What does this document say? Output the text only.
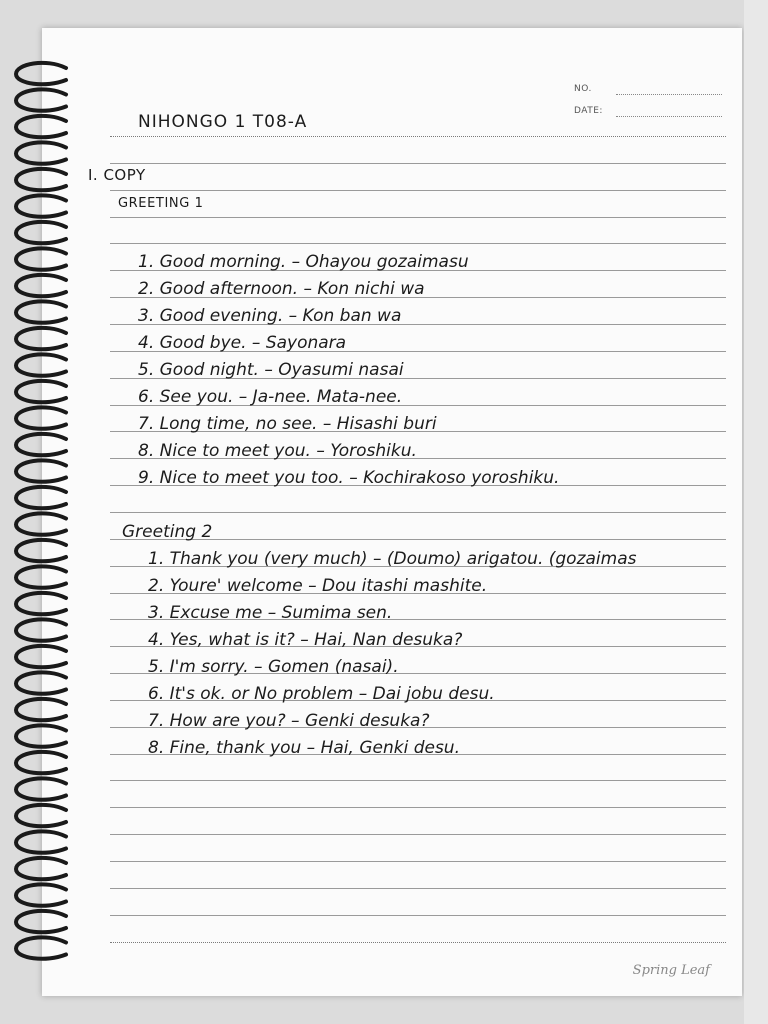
NO.
DATE:
NIHONGO 1 T08-A
I. COPY
GREETING 1
1. Good morning. – Ohayou gozaimasu
2. Good afternoon. – Kon nichi wa
3. Good evening. – Kon ban wa
4. Good bye. – Sayonara
5. Good night. – Oyasumi nasai
6. See you. – Ja-nee. Mata-nee.
7. Long time, no see. – Hisashi buri
8. Nice to meet you. – Yoroshiku.
9. Nice to meet you too. – Kochirakoso yoroshiku.
Greeting 2
1. Thank you (very much) – (Doumo) arigatou. (gozaimas
2. Youre' welcome – Dou itashi mashite.
3. Excuse me – Sumima sen.
4. Yes, what is it? – Hai, Nan desuka?
5. I'm sorry. – Gomen (nasai).
6. It's ok. or No problem – Dai jobu desu.
7. How are you? – Genki desuka?
8. Fine, thank you – Hai, Genki desu.
Spring Leaf
